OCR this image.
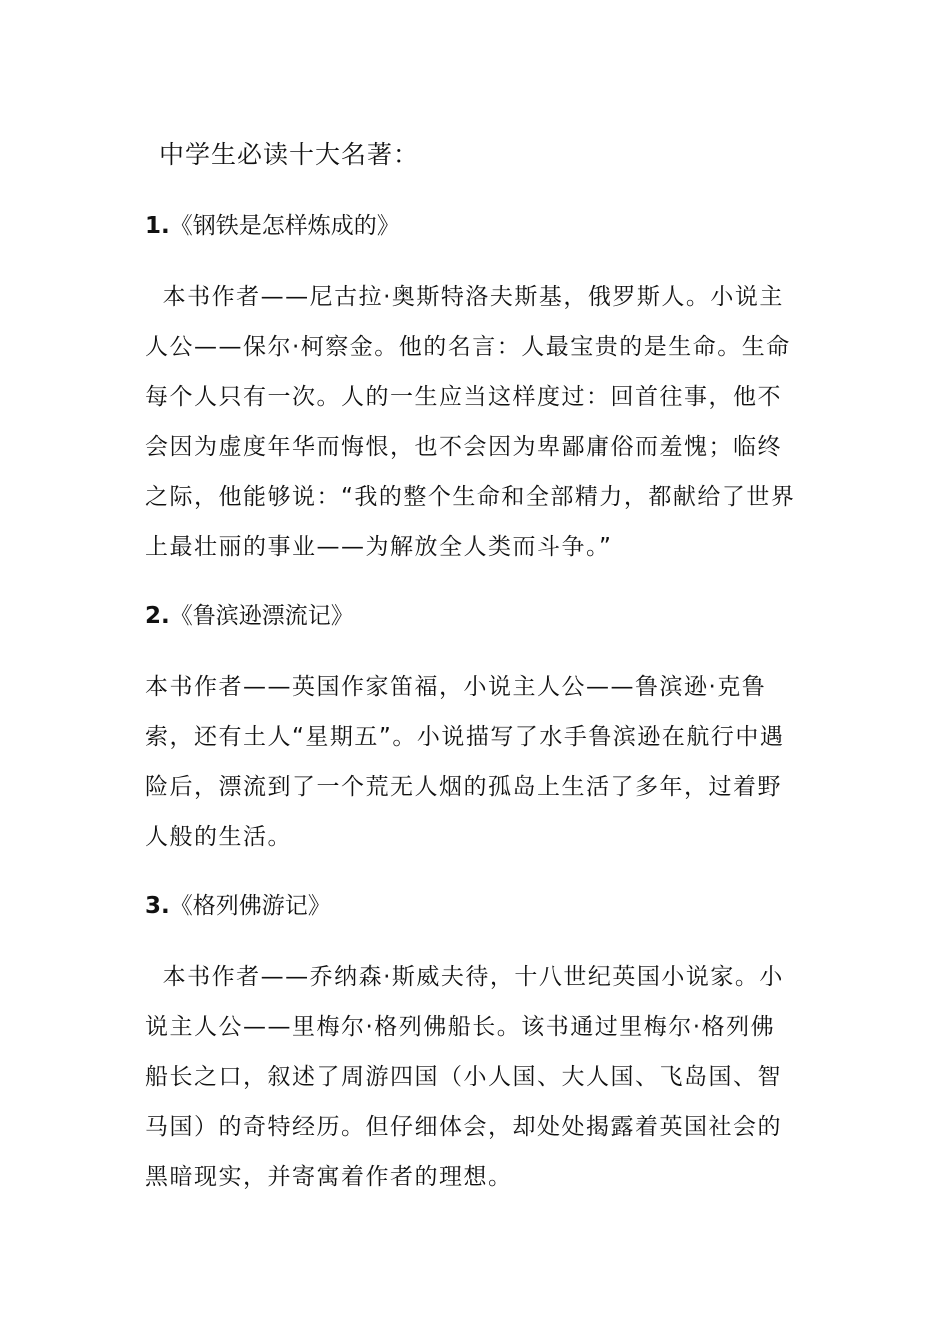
中学生必读十大名著：
1.《钢铁是怎样炼成的》
本书作者——尼古拉·奥斯特洛夫斯基，俄罗斯人。小说主
人公——保尔·柯察金。他的名言：人最宝贵的是生命。生命
每个人只有一次。人的一生应当这样度过：回首往事，他不
会因为虚度年华而悔恨，也不会因为卑鄙庸俗而羞愧；临终
之际，他能够说：“我的整个生命和全部精力，都献给了世界
上最壮丽的事业——为解放全人类而斗争。”
2.《鲁滨逊漂流记》
本书作者——英国作家笛福，小说主人公——鲁滨逊·克鲁
索，还有土人“星期五”。小说描写了水手鲁滨逊在航行中遇
险后，漂流到了一个荒无人烟的孤岛上生活了多年，过着野
人般的生活。
3.《格列佛游记》
本书作者——乔纳森·斯威夫待，十八世纪英国小说家。小
说主人公——里梅尔·格列佛船长。该书通过里梅尔·格列佛
船长之口，叙述了周游四国（小人国、大人国、飞岛国、智
马国）的奇特经历。但仔细体会，却处处揭露着英国社会的
黑暗现实，并寄寓着作者的理想。
